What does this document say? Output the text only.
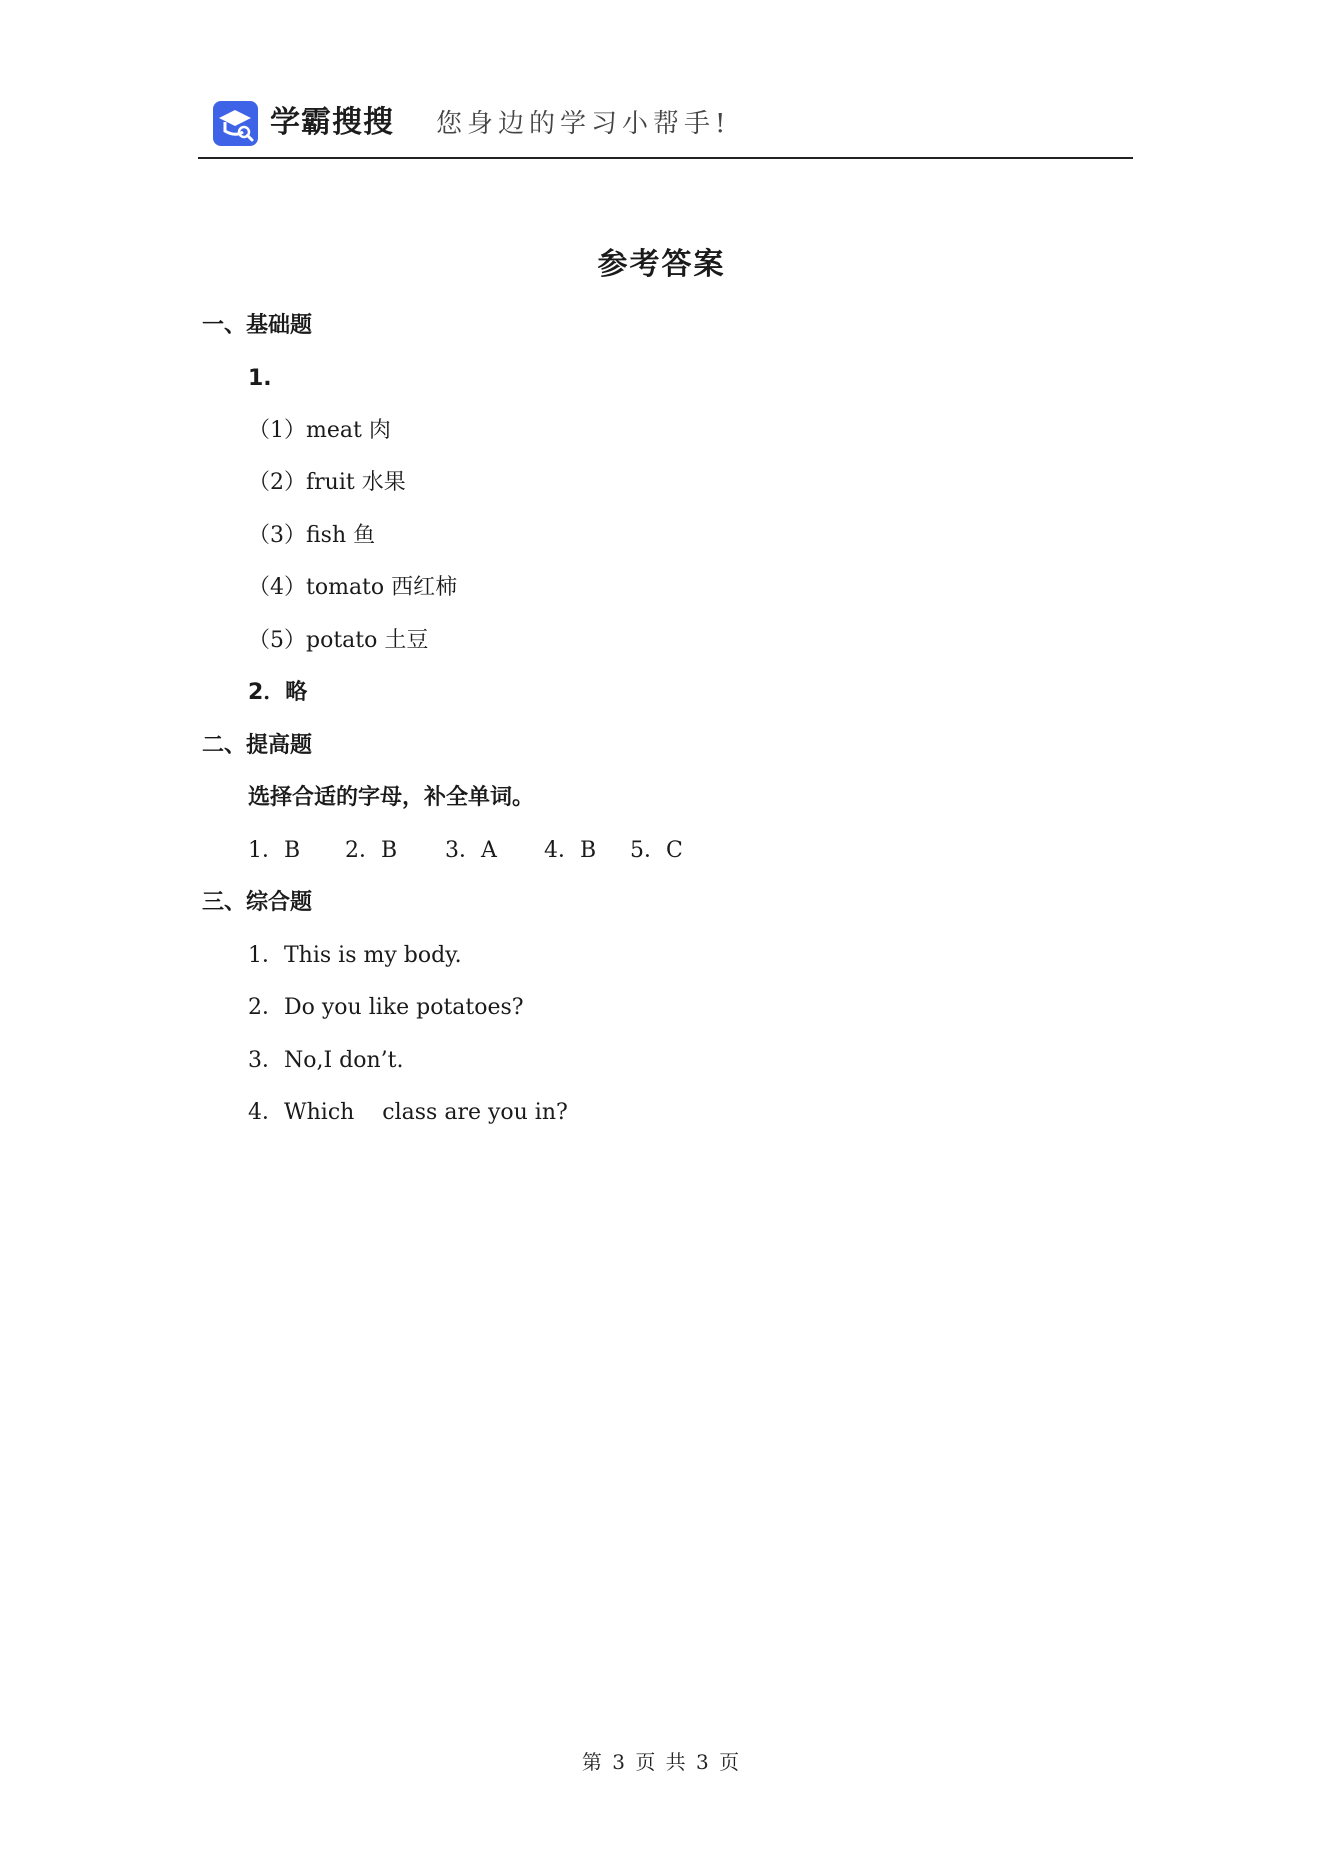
学霸搜搜 您身边的学习小帮手!
参考答案
一、基础题
1.
（1）meat 肉
（2）fruit 水果
（3）fish 鱼
（4）tomato 西红柿
（5）potato 土豆
2．略
二、提高题
选择合适的字母，补全单词。
1．B 2．B 3．A 4．B 5．C
三、综合题
1．This is my body.
2．Do you like potatoes?
3．No,I don’t.
4．Which    class are you in?
第 3 页 共 3 页
